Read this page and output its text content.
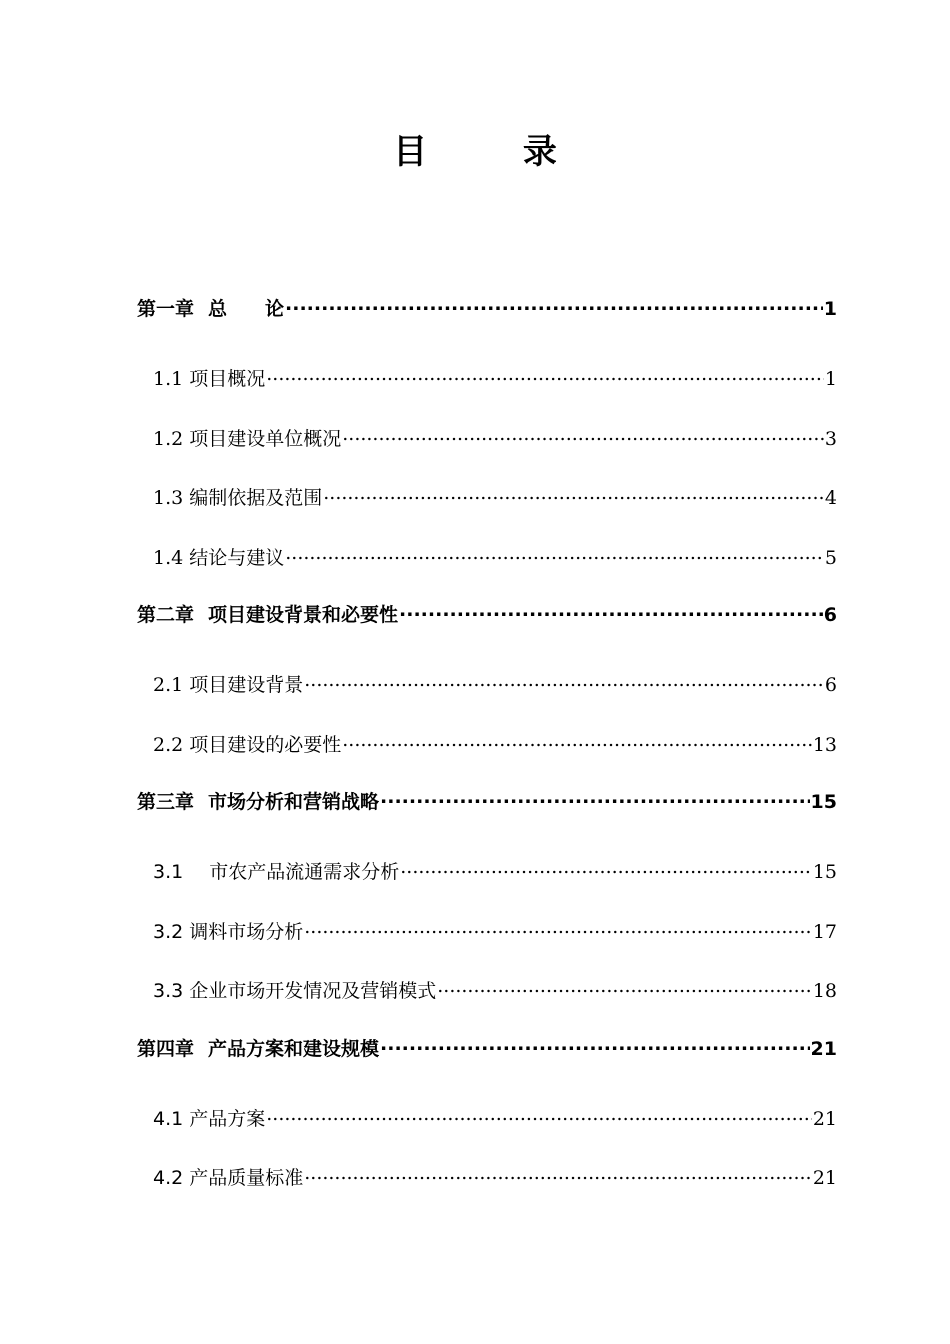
目 录
第一章 总　　论 .....	1
1.1 项目概况 .....	1
1.2 项目建设单位概况 .....	3
1.3 编制依据及范围 .....	4
1.4 结论与建议 .....	5
第二章 项目建设背景和必要性 .....	6
2.1 项目建设背景 .....	6
2.2 项目建设的必要性 .....	13
第三章 市场分析和营销战略 .....	15
3.1 市农产品流通需求分析 .....	15
3.2 调料市场分析 .....	17
3.3 企业市场开发情况及营销模式 .....	18
第四章 产品方案和建设规模 .....	21
4.1 产品方案 .....	21
4.2 产品质量标准 .....	21
